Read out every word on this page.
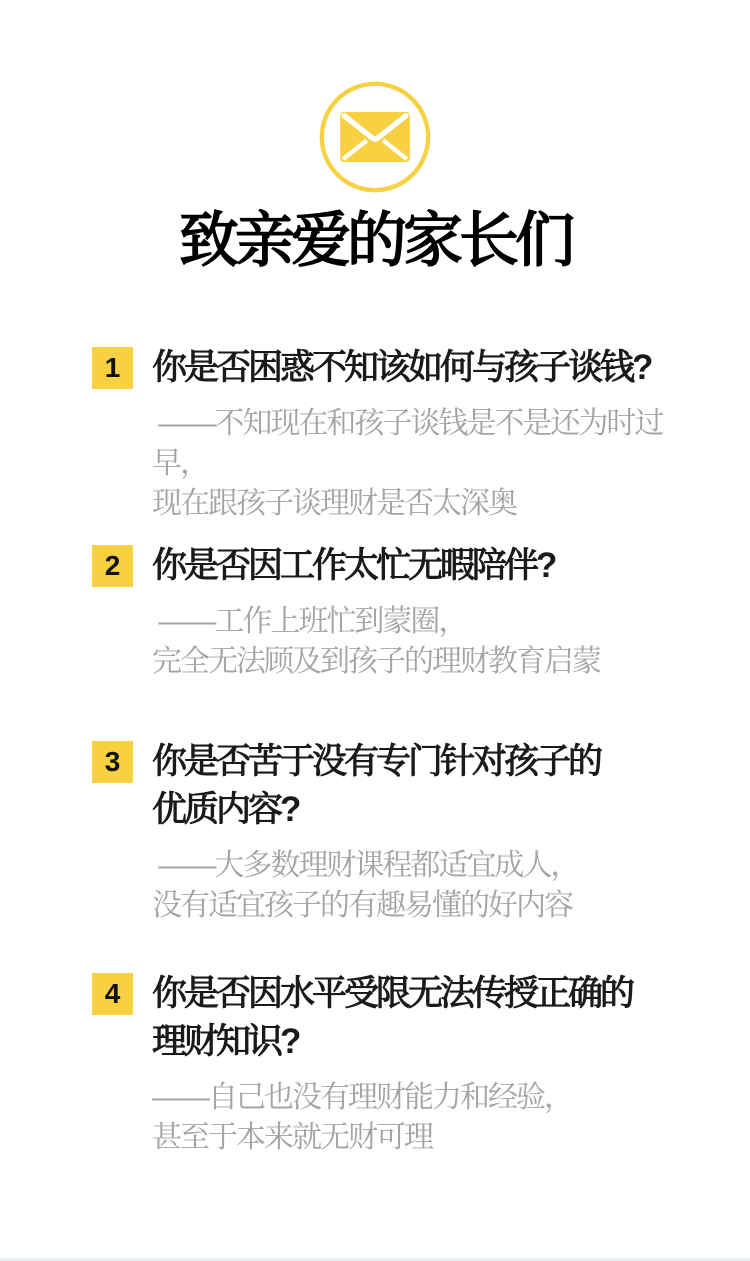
致亲爱的家长们
1 你是否困惑不知该如何与孩子谈钱?
——不知现在和孩子谈钱是不是还为时过早，
现在跟孩子谈理财是否太深奥
2 你是否因工作太忙无暇陪伴?
——工作上班忙到蒙圈，
完全无法顾及到孩子的理财教育启蒙
3 你是否苦于没有专门针对孩子的
优质内容?
——大多数理财课程都适宜成人，
没有适宜孩子的有趣易懂的好内容
4 你是否因水平受限无法传授正确的
理财知识?
——自己也没有理财能力和经验，
甚至于本来就无财可理
